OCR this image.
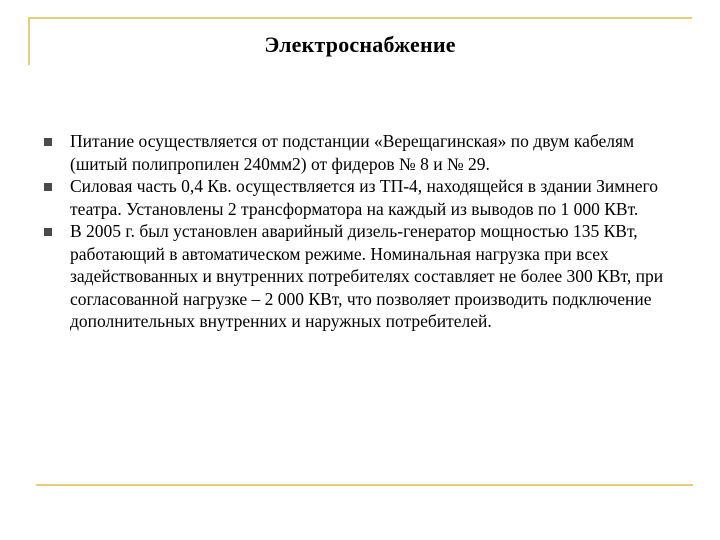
Электроснабжение
Питание осуществляется от подстанции «Верещагинская» по двум кабелям (шитый полипропилен 240мм2) от фидеров № 8 и № 29.
Силовая часть 0,4 Кв. осуществляется из ТП-4, находящейся в здании Зимнего театра. Установлены 2 трансформатора на каждый из выводов по 1 000 КВт.
В 2005 г. был установлен аварийный дизель-генератор мощностью 135 КВт, работающий в автоматическом режиме. Номинальная нагрузка при всех задействованных и внутренних потребителях составляет не более 300 КВт, при согласованной нагрузке – 2 000 КВт, что позволяет производить подключение дополнительных внутренних и наружных потребителей.
